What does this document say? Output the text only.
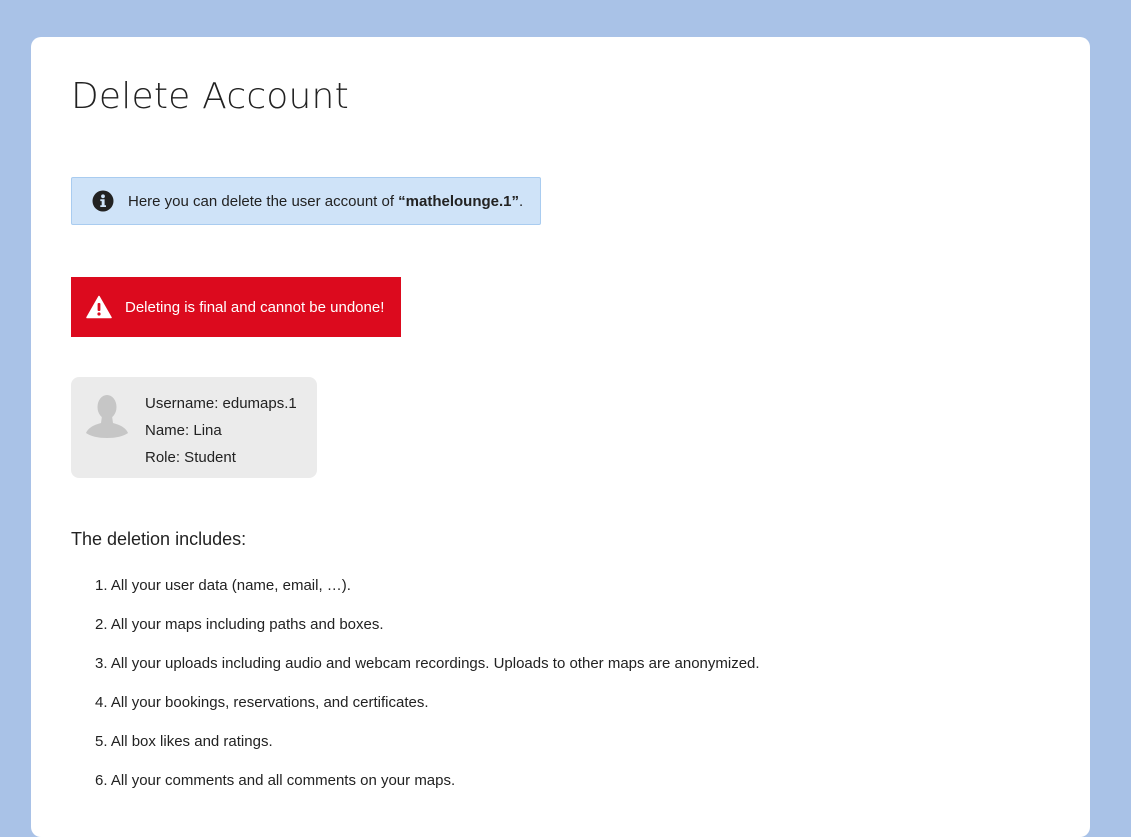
Delete Account
Here you can delete the user account of “mathelounge.1”.
Deleting is final and cannot be undone!
Username: edumaps.1
Name: Lina
Role: Student
The deletion includes:
1. All your user data (name, email, …).
2. All your maps including paths and boxes.
3. All your uploads including audio and webcam recordings. Uploads to other maps are anonymized.
4. All your bookings, reservations, and certificates.
5. All box likes and ratings.
6. All your comments and all comments on your maps.
